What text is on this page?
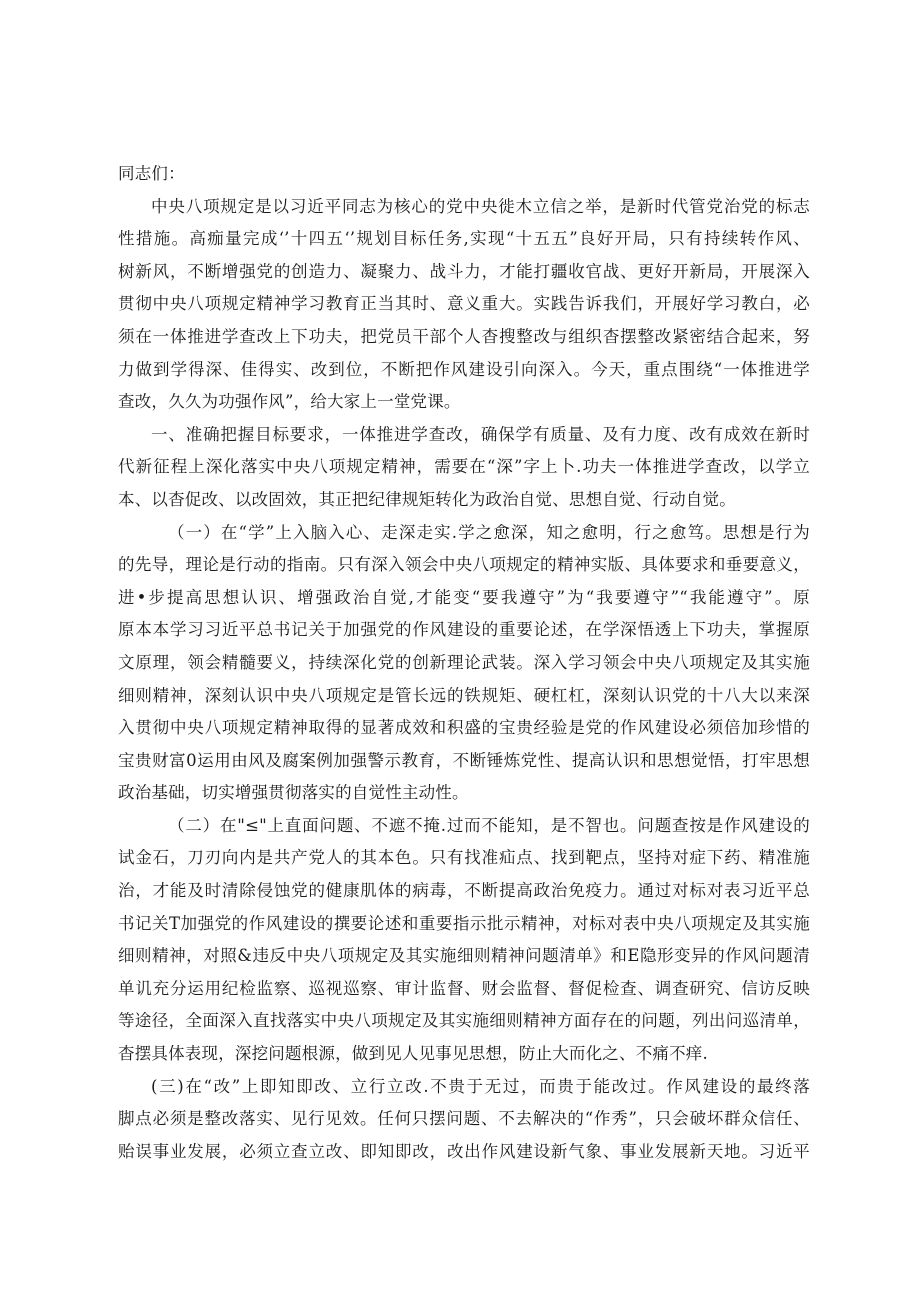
同志们：
中央八项规定是以习近平同志为核心的党中央徙木立信之举，是新时代管党治党的标志
性措施。高痂量完成‘’十四五‘’规划目标任务,实现“十五五”良好开局，只有持续转作风、
树新风，不断增强党的创造力、凝聚力、战斗力，才能打疆收官战、更好开新局，开展深入
贯彻中央八项规定精神学习教育正当其时、意义重大。实践告诉我们，开展好学习教白，必
须在一体推进学查改上下功夫，把党员干部个人杳搜整改与组织杳摆整改紧密结合起来，努
力做到学得深、佳得实、改到位，不断把作风建设引向深入。今天，重点围绕“一体推进学
查改，久久为功强作风”，给大家上一堂党课。
一、准确把握目标要求，一体推进学查改，确保学有质量、及有力度、改有成效在新时
代新征程上深化落实中央八项规定精神，需要在“深”字上卜.功夫一体推进学查改，以学立
本、以杳促改、以改固效，其正把纪律规矩转化为政治自觉、思想自觉、行动自觉。
（一）在“学”上入脑入心、走深走实.学之愈深，知之愈明，行之愈笃。思想是行为
的先导，理论是行动的指南。只有深入领会中央八项规定的精神实版、具体要求和垂要意义，
进•步提高思想认识、增强政治自觉,才能变“要我遵守”为“我要遵守”“我能遵守”。原
原本本学习习近平总书记关于加强党的作风建设的重要论述，在学深悟透上下功夫，掌握原
文原理，领会精髓要义，持续深化党的创新理论武装。深入学习领会中央八项规定及其实施
细则精神，深刻认识中央八项规定是管长远的铁规矩、硬杠杠，深刻认识党的十八大以来深
入贯彻中央八项规定精神取得的显著成效和积盛的宝贵经验是党的作风建设必须倍加珍惜的
宝贵财富0运用由风及腐案例加强警示教育，不断锤炼党性、提高认识和思想觉悟，打牢思想
政治基础，切实增强贯彻落实的自觉性主动性。
（二）在"≤"上直面问题、不遮不掩.过而不能知，是不智也。问题查按是作风建设的
试金石，刀刃向内是共产党人的其本色。只有找准疝点、找到靶点，坚持对症下药、精准施
治，才能及时清除侵蚀党的健康肌体的病毒，不断提高政治免疫力。通过对标对表习近平总
书记关T加强党的作风建设的撰要论述和重要指示批示精神，对标对表中央八项规定及其实施
细则精神，对照&违反中央八项规定及其实施细则精神问题清单》和E隐形变异的作风问题清
单讥充分运用纪检监察、巡视巡察、审计监督、财会监督、督促检查、调查研究、信访反映
等途径，全面深入直找落实中央八项规定及其实施细则精神方面存在的问题，列出问巡清单，
杳摆具体表现，深挖问题根源，做到见人见事见思想，防止大而化之、不痛不痒.
(三)在“改”上即知即改、立行立改.不贵于无过，而贵于能改过。作风建设的最终落
脚点必须是整改落实、见行见效。任何只摆问题、不去解决的“作秀”，只会破坏群众信任、
贻误事业发展，必须立查立改、即知即改，改出作风建设新气象、事业发展新天地。习近平
